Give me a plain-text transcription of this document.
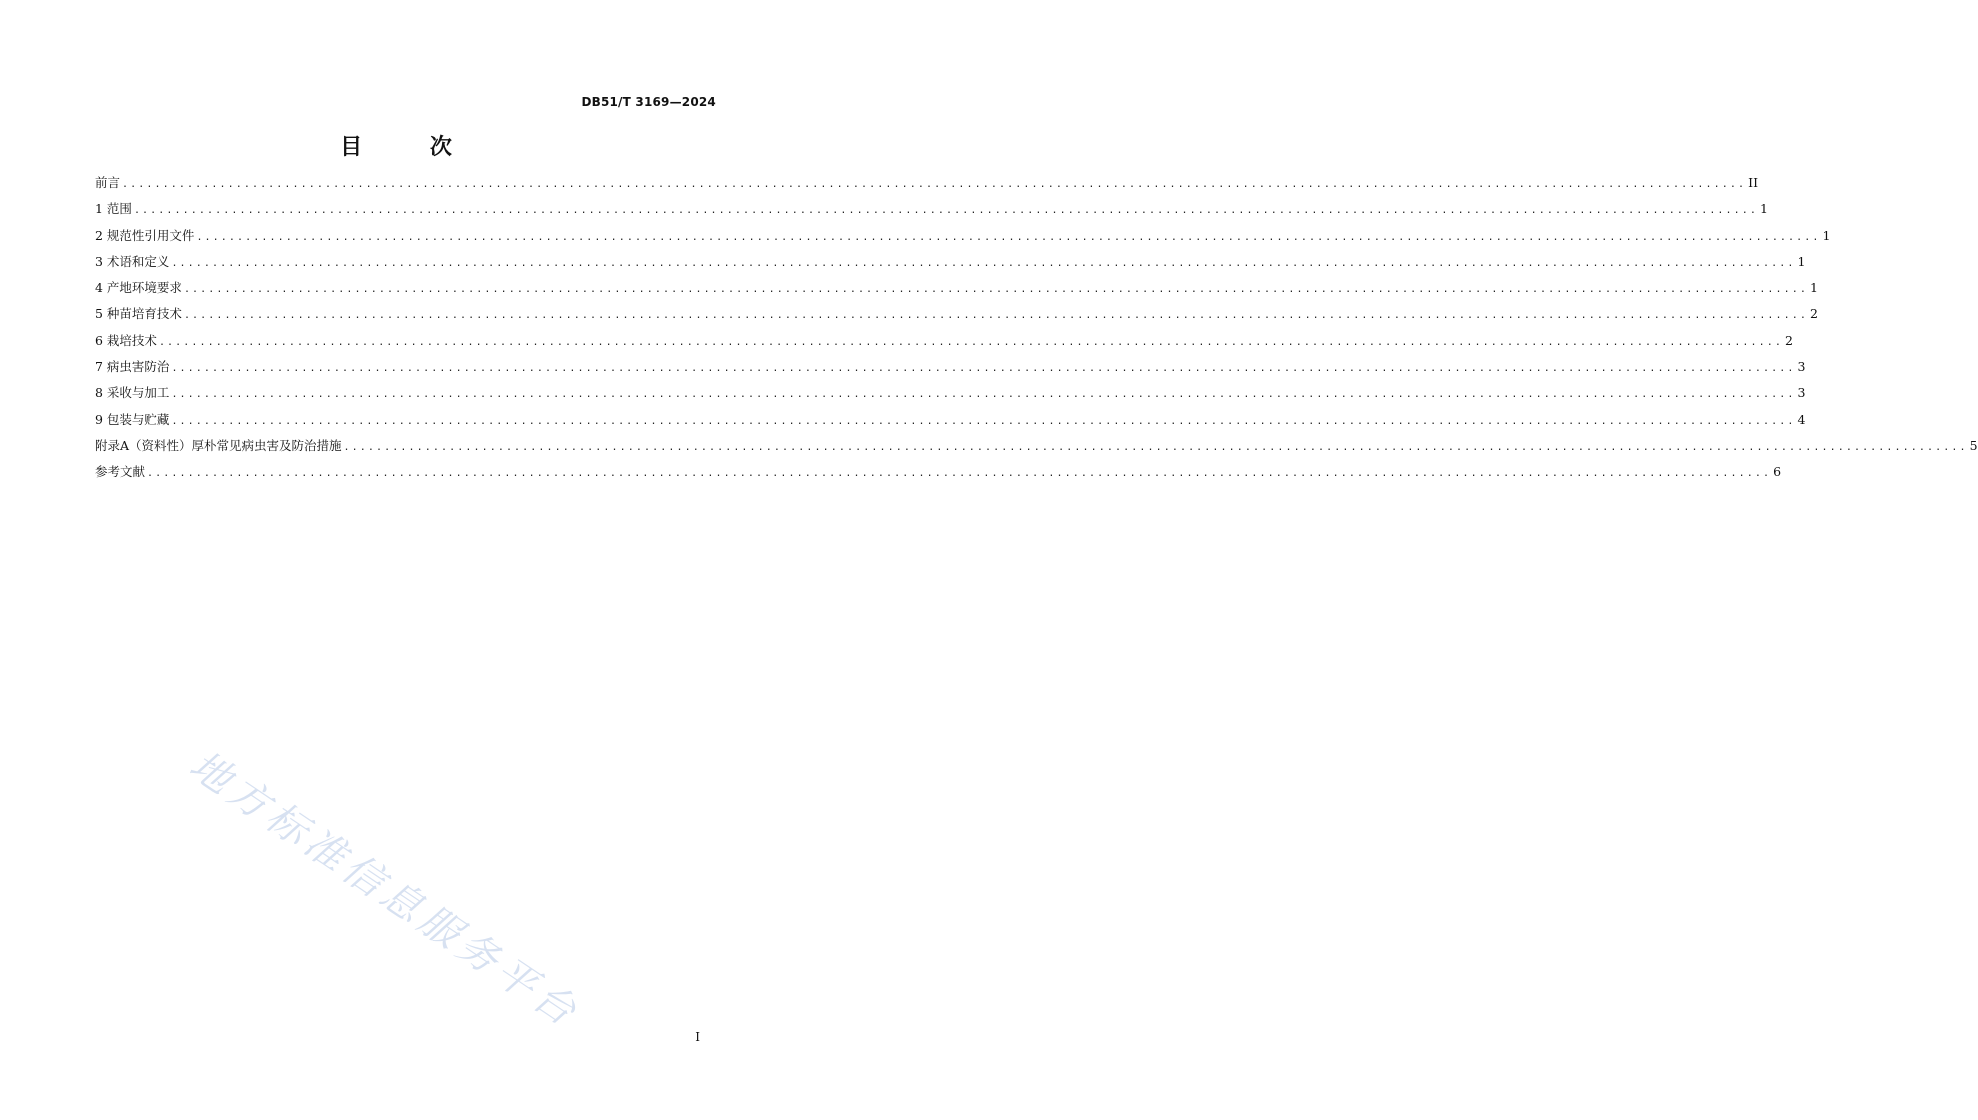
DB51/T 3169—2024
目 次
前言 ........................................................................................................................................................................................................ II
1 范围 ........................................................................................................................................................................................................ 1
2 规范性引用文件 ........................................................................................................................................................................................................ 1
3 术语和定义 ........................................................................................................................................................................................................ 1
4 产地环境要求 ........................................................................................................................................................................................................ 1
5 种苗培育技术 ........................................................................................................................................................................................................ 2
6 栽培技术 ........................................................................................................................................................................................................ 2
7 病虫害防治 ........................................................................................................................................................................................................ 3
8 采收与加工 ........................................................................................................................................................................................................ 3
9 包装与贮藏 ........................................................................................................................................................................................................ 4
附录A（资料性）厚朴常见病虫害及防治措施 ........................................................................................................................................................................................................ 5
参考文献 ........................................................................................................................................................................................................ 6
地方标准信息服务平台	I
